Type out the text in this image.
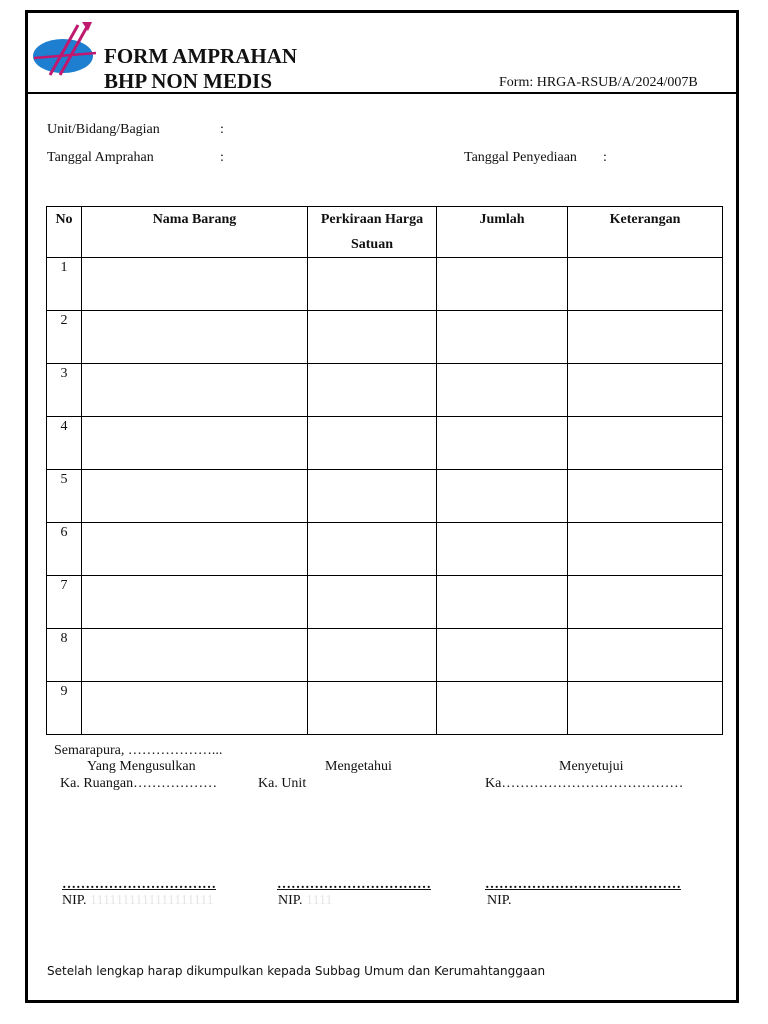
FORM AMPRAHAN
BHP NON MEDIS	Form: HRGA-RSUB/A/2024/007B
Unit/Bidang/Bagian	:
Tanggal Amprahan	:	Tanggal Penyediaan :
No	Nama Barang	Perkiraan Harga Satuan	Jumlah	Keterangan
1				
2				
3				
4				
5				
6				
7				
8				
9				
Semarapura, ………………...
Yang Mengusulkan
Ka. Ruangan………………
Mengetahui
Ka. Unit
Menyetujui
Ka…………………………………
……………………………	……………………………	……………………………………
NIP. 1111111111111111111	NIP. 1111	NIP.
Setelah lengkap harap dikumpulkan kepada Subbag Umum dan Kerumahtanggaan
